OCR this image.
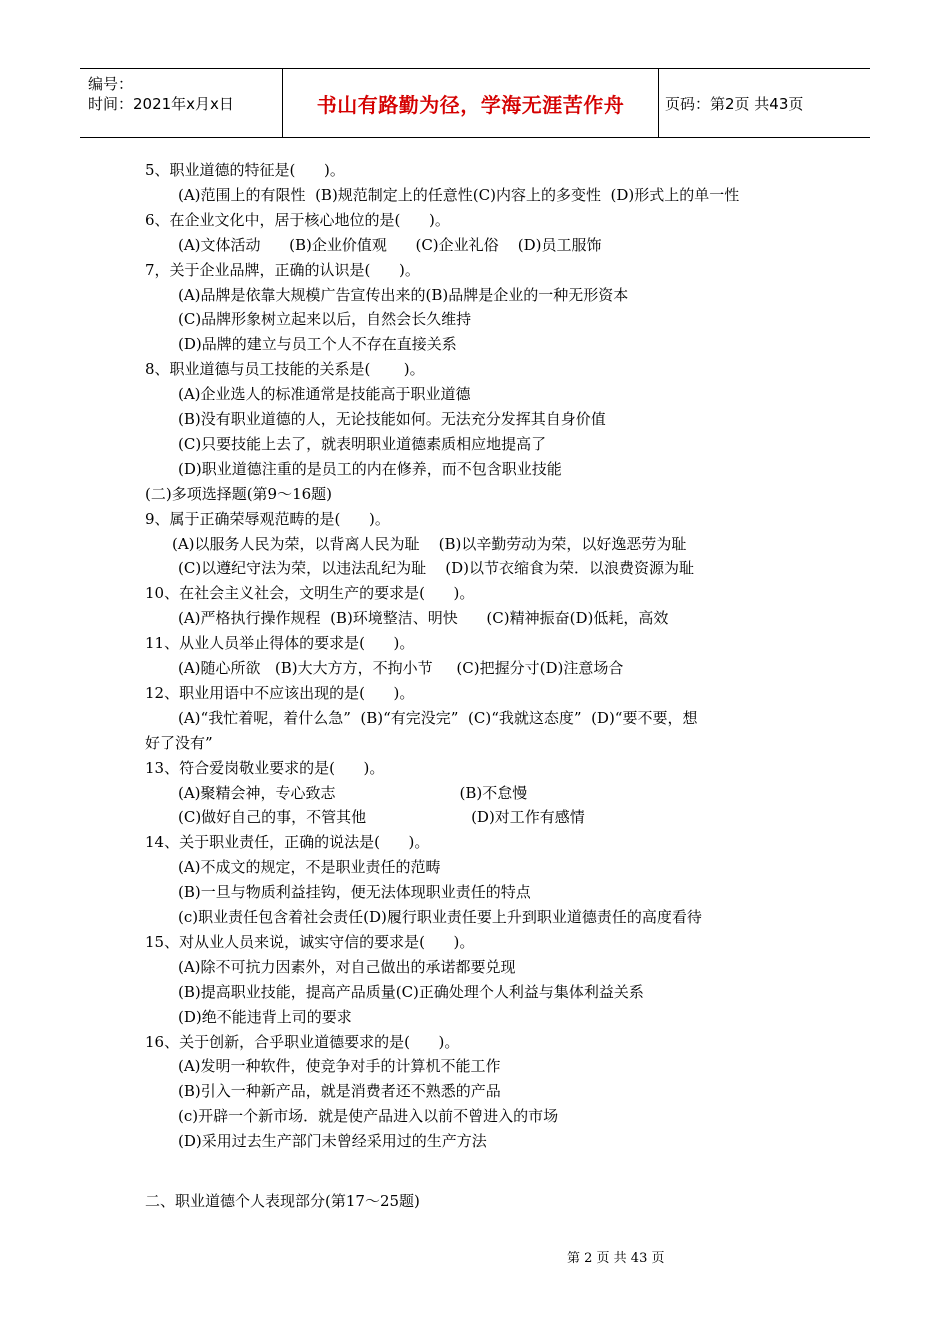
编号：
时间：2021年x月x日	书山有路勤为径，学海无涯苦作舟	页码：第2页 共43页
5、职业道德的特征是(      )。
(A)范围上的有限性  (B)规范制定上的任意性(C)内容上的多变性  (D)形式上的单一性
6、在企业文化中，居于核心地位的是(      )。
(A)文体活动      (B)企业价值观      (C)企业礼俗    (D)员工服饰
7，关于企业品牌，正确的认识是(      )。
(A)品牌是依靠大规模广告宣传出来的(B)品牌是企业的一种无形资本
(C)品牌形象树立起来以后，自然会长久维持
(D)品牌的建立与员工个人不存在直接关系
8、职业道德与员工技能的关系是(       )。
(A)企业选人的标准通常是技能高于职业道德
(B)没有职业道德的人，无论技能如何。无法充分发挥其自身价值
(C)只要技能上去了，就表明职业道德素质相应地提高了
(D)职业道德注重的是员工的内在修养，而不包含职业技能
(二)多项选择题(第9～16题)
9、属于正确荣辱观范畴的是(      )。
(A)以服务人民为荣，以背离人民为耻    (B)以辛勤劳动为荣，以好逸恶劳为耻
(C)以遵纪守法为荣，以违法乱纪为耻    (D)以节衣缩食为荣．以浪费资源为耻
10、在社会主义社会，文明生产的要求是(      )。
(A)严格执行操作规程  (B)环境整洁、明快      (C)精神振奋(D)低耗，高效
11、从业人员举止得体的要求是(      )。
(A)随心所欲   (B)大大方方，不拘小节     (C)把握分寸(D)注意场合
12、职业用语中不应该出现的是(      )。
(A)“我忙着呢，着什么急”  (B)“有完没完”  (C)“我就这态度”  (D)“要不要，想
好了没有”
13、符合爱岗敬业要求的是(      )。
(A)聚精会神，专心致志                          (B)不怠慢
(C)做好自己的事，不管其他                      (D)对工作有感情
14、关于职业责任，正确的说法是(      )。
(A)不成文的规定，不是职业责任的范畴
(B)一旦与物质利益挂钩，便无法体现职业责任的特点
(c)职业责任包含着社会责任(D)履行职业责任要上升到职业道德责任的高度看待
15、对从业人员来说，诚实守信的要求是(      )。
(A)除不可抗力因素外，对自己做出的承诺都要兑现
(B)提高职业技能，提高产品质量(C)正确处理个人利益与集体利益关系
(D)绝不能违背上司的要求
16、关于创新，合乎职业道德要求的是(      )。
(A)发明一种软件，使竞争对手的计算机不能工作
(B)引入一种新产品，就是消费者还不熟悉的产品
(c)开辟一个新市场．就是使产品进入以前不曾进入的市场
(D)采用过去生产部门未曾经采用过的生产方法
二、职业道德个人表现部分(第17～25题)
第 2 页 共 43 页
